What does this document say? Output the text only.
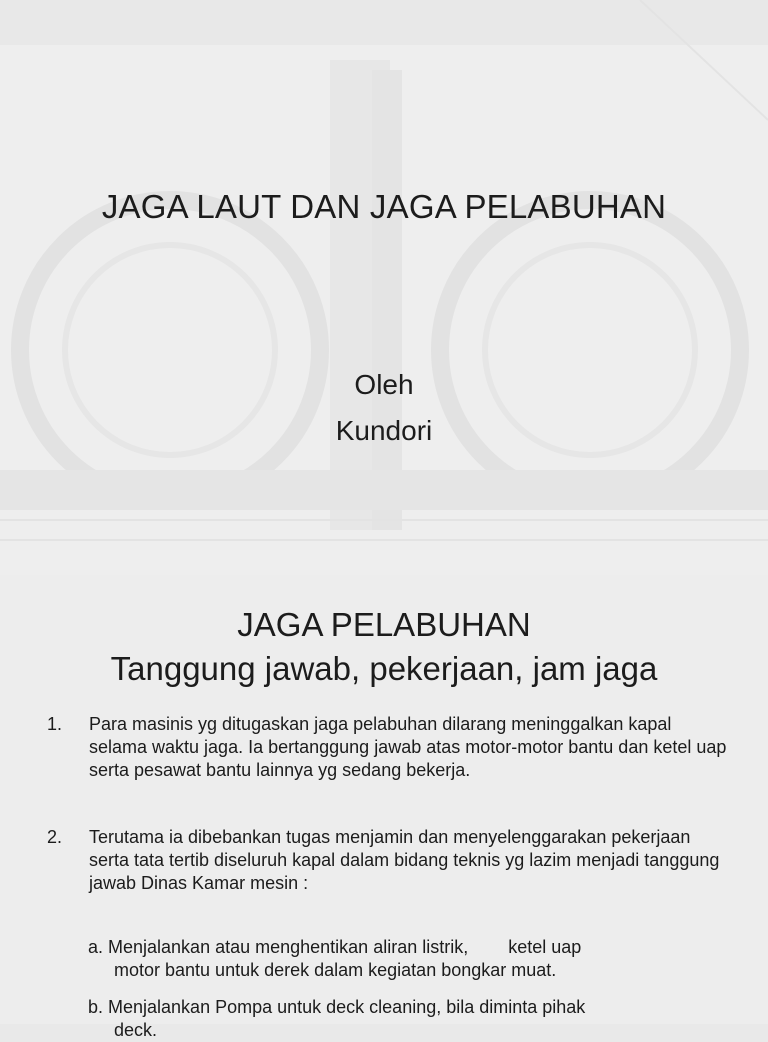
JAGA LAUT DAN JAGA PELABUHAN
Oleh
Kundori
JAGA PELABUHAN
Tanggung jawab, pekerjaan, jam jaga
1. Para masinis yg ditugaskan jaga pelabuhan dilarang meninggalkan kapal selama waktu jaga. Ia bertanggung jawab atas motor-motor bantu dan ketel uap serta pesawat bantu lainnya yg sedang bekerja.
2. Terutama ia dibebankan tugas menjamin dan menyelenggarakan pekerjaan serta tata tertib diseluruh kapal dalam bidang teknis yg lazim menjadi tanggung jawab Dinas Kamar mesin :
a. Menjalankan atau menghentikan aliran listrik, ketel uap
motor bantu untuk derek dalam kegiatan bongkar muat.
b. Menjalankan Pompa untuk deck cleaning, bila diminta pihak
deck.
